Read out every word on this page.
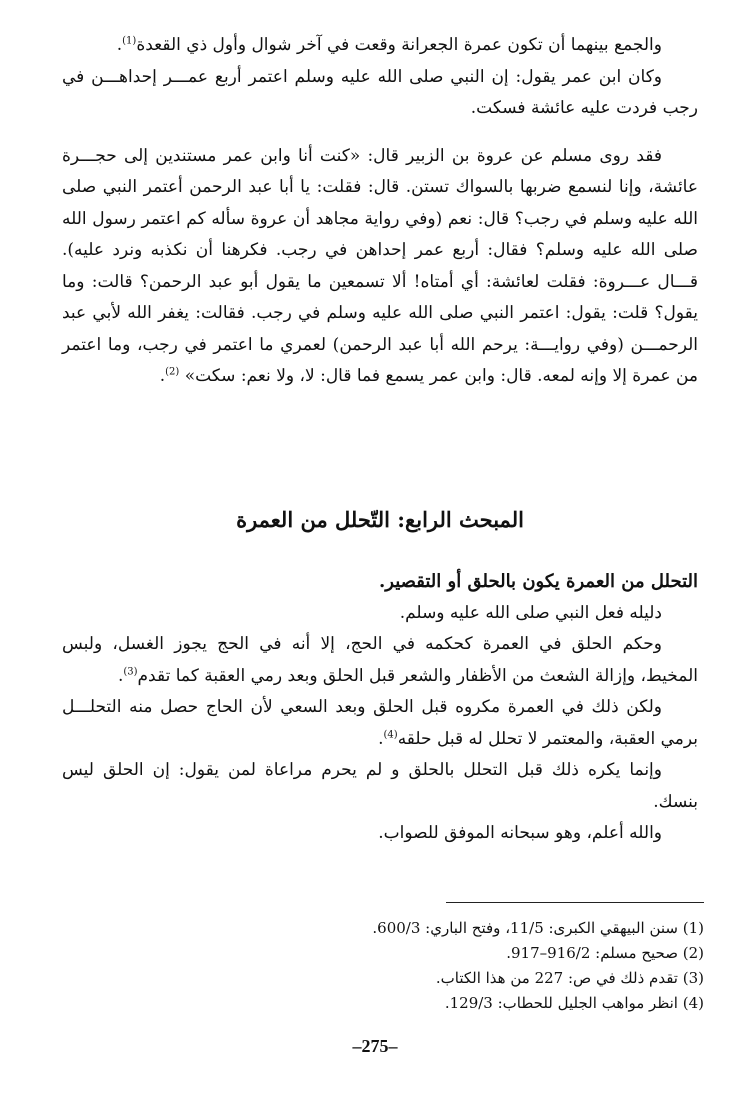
والجمع بينهما أن تكون عمرة الجعرانة وقعت في آخر شوال وأول ذي القعدة$^{(1)}$.

وكان ابن عمر يقول: إن النبي صلى الله عليه وسلم اعتمر أربع عمـــر إحداهـــن في رجب فردت عليه عائشة فسكت.

فقد روى مسلم عن عروة بن الزبير قال: «كنت أنا وابن عمر مستندين إلى حجـــرة عائشة، وإنا لنسمع ضربها بالسواك تستن. قال: فقلت: يا أبا عبد الرحمن أعتمر النبي صلى الله عليه وسلم في رجب؟ قال: نعم (وفي رواية مجاهد أن عروة سأله كم اعتمر رسول الله صلى الله عليه وسلم؟ فقال: أربع عمر إحداهن في رجب. فكرهنا أن نكذبه ونرد عليه). قـــال عـــروة: فقلت لعائشة: أي أمتاه! ألا تسمعين ما يقول أبو عبد الرحمن؟ قالت: وما يقول؟ قلت: يقول: اعتمر النبي صلى الله عليه وسلم في رجب. فقالت: يغفر الله لأبي عبد الرحمـــن (وفي روايـــة: يرحم الله أبا عبد الرحمن) لعمري ما اعتمر في رجب، وما اعتمر من عمرة إلا وإنه لمعه. قال: وابن عمر يسمع فما قال: لا، ولا نعم: سكت» $^{(2)}$.

المبحث الرابع: التّحلل من العمرة

التحلل من العمرة يكون بالحلق أو التقصير.

دليله فعل النبي صلى الله عليه وسلم.

وحكم الحلق في العمرة كحكمه في الحج، إلا أنه في الحج يجوز الغسل، ولبس المخيط، وإزالة الشعث من الأظفار والشعر قبل الحلق وبعد رمي العقبة كما تقدم$^{(3)}$.

ولكن ذلك في العمرة مكروه قبل الحلق وبعد السعي لأن الحاج حصل منه التحلـــل برمي العقبة، والمعتمر لا تحلل له قبل حلقه$^{(4)}$.

وإنما يكره ذلك قبل التحلل بالحلق و لم يحرم مراعاة لمن يقول: إن الحلق ليس بنسك.

والله أعلم، وهو سبحانه الموفق للصواب.

(1) سنن البيهقي الكبرى: 11/5، وفتح الباري: 600/3.

(2) صحيح مسلم: 916/2–917.

(3) تقدم ذلك في ص: 227 من هذا الكتاب.

(4) انظر مواهب الجليل للحطاب: 129/3.

–275–
